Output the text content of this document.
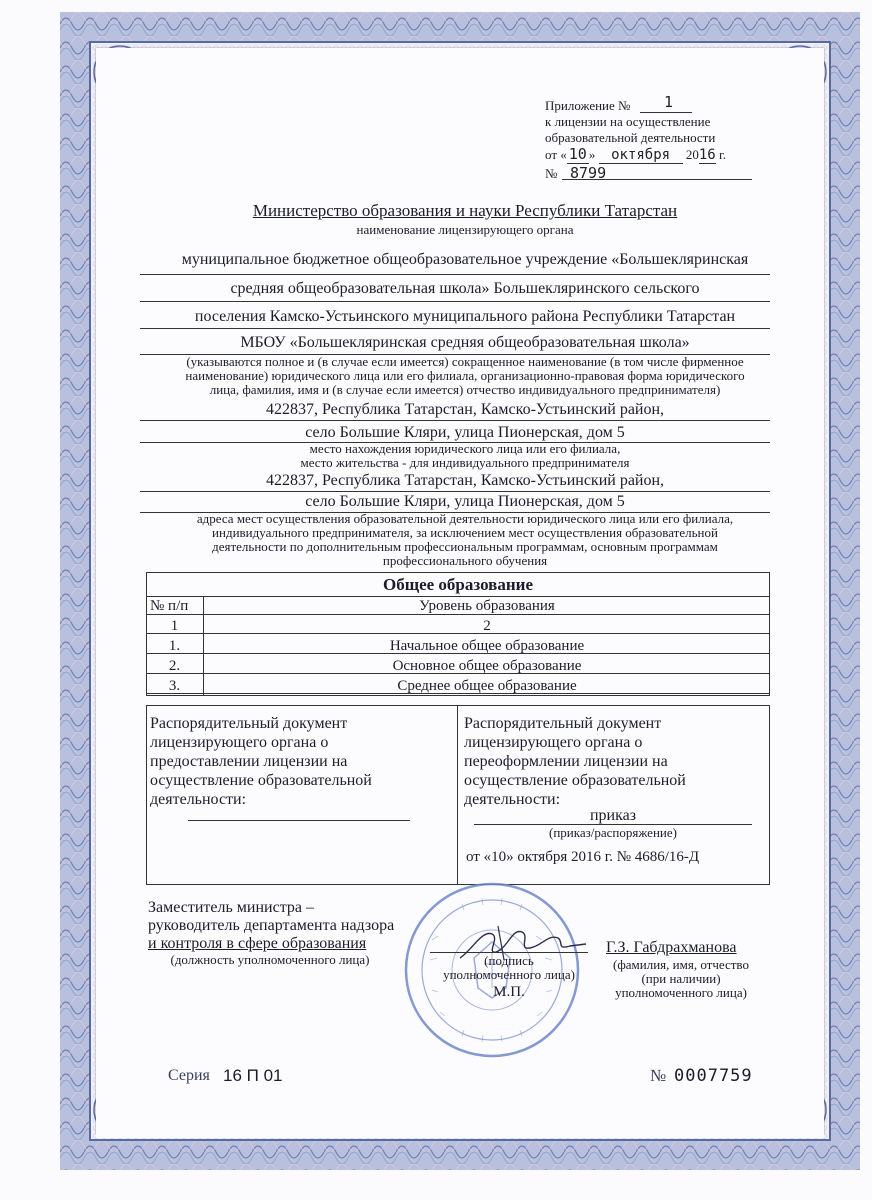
Приложение № 1
к лицензии на осуществление
образовательной деятельности
от « 10 » октября 2016 г.
№ 8799
Министерство образования и науки Республики Татарстан
наименование лицензирующего органа
муниципальное бюджетное общеобразовательное учреждение «Большекляринская
средняя общеобразовательная школа» Большекляринского сельского
поселения Камско-Устьинского муниципального района Республики Татарстан
МБОУ «Большекляринская средняя общеобразовательная школа»
(указываются полное и (в случае если имеется) сокращенное наименование (в том числе фирменное
наименование) юридического лица или его филиала, организационно-правовая форма юридического
лица, фамилия, имя и (в случае если имеется) отчество индивидуального предпринимателя)
422837, Республика Татарстан, Камско-Устьинский район,
село Большие Кляри, улица Пионерская, дом 5
место нахождения юридического лица или его филиала,
место жительства - для индивидуального предпринимателя
422837, Республика Татарстан, Камско-Устьинский район,
село Большие Кляри, улица Пионерская, дом 5
адреса мест осуществления образовательной деятельности юридического лица или его филиала,
индивидуального предпринимателя, за исключением мест осуществления образовательной
деятельности по дополнительным профессиональным программам, основным программам
профессионального обучения
Общее образование
№ п/п	Уровень образования
1	2
1.	Начальное общее образование
2.	Основное общее образование
3.	Среднее общее образование
Распорядительный документ
лицензирующего органа о
предоставлении лицензии на
осуществление образовательной
деятельности:
Распорядительный документ
лицензирующего органа о
переоформлении лицензии на
осуществление образовательной
деятельности:
приказ
(приказ/распоряжение)
от «10» октября 2016 г. № 4686/16-Д
Заместитель министра –
руководитель департамента надзора
и контроля в сфере образования
(должность уполномоченного лица)	(подпись
уполномоченного лица)
М.П.
Г.З. Габдрахманова
(фамилия, имя, отчество
(при наличии)
уполномоченного лица)
Серия 16 П 01	№ 0007759
